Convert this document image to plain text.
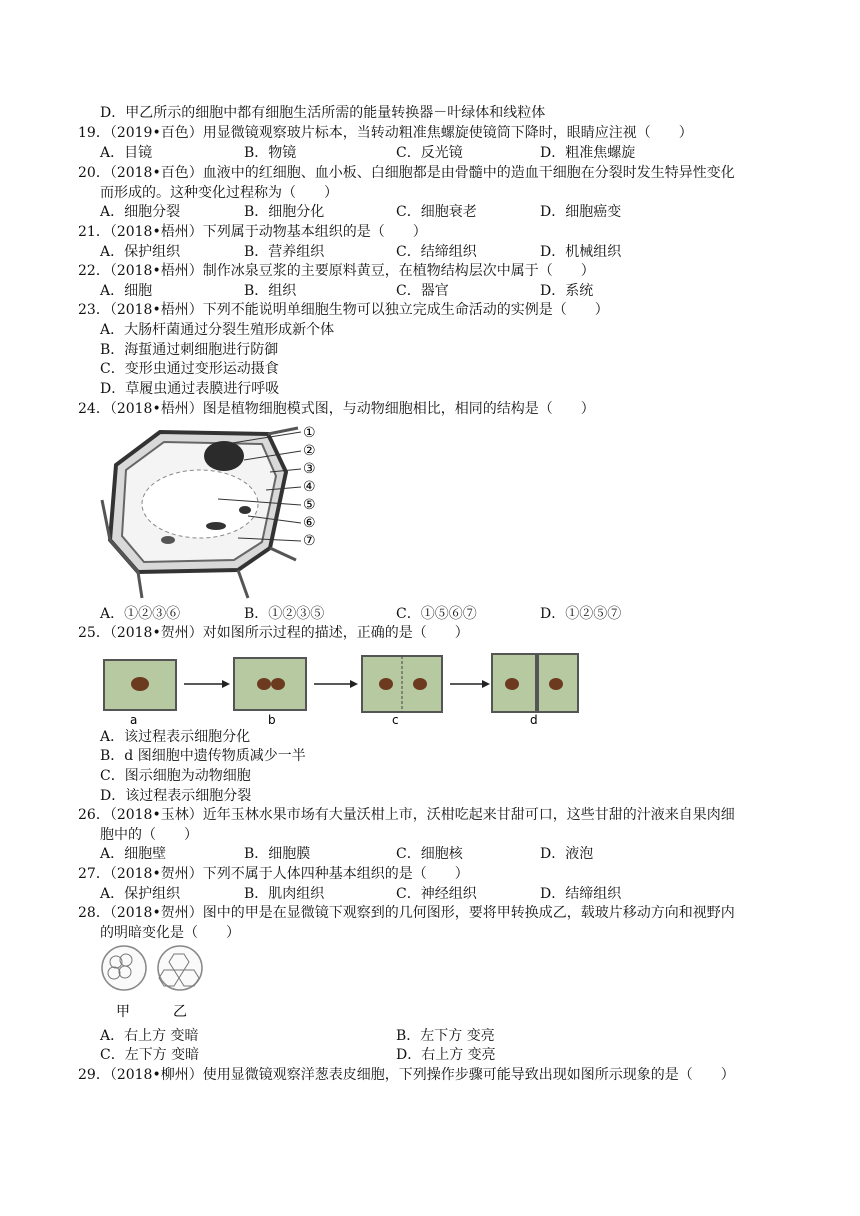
D．甲乙所示的细胞中都有细胞生活所需的能量转换器－叶绿体和线粒体
19．（2019•百色）用显微镜观察玻片标本，当转动粗准焦螺旋使镜筒下降时，眼睛应注视（　　）
A．目镜	B．物镜	C．反光镜	D．粗准焦螺旋
20．（2018•百色）血液中的红细胞、血小板、白细胞都是由骨髓中的造血干细胞在分裂时发生特异性变化
而形成的。这种变化过程称为（　　）
A．细胞分裂	B．细胞分化	C．细胞衰老	D．细胞癌变
21．（2018•梧州）下列属于动物基本组织的是（　　）
A．保护组织	B．营养组织	C．结缔组织	D．机械组织
22．（2018•梧州）制作冰泉豆浆的主要原料黄豆，在植物结构层次中属于（　　）
A．细胞	B．组织	C．器官	D．系统
23．（2018•梧州）下列不能说明单细胞生物可以独立完成生命活动的实例是（　　）
A．大肠杆菌通过分裂生殖形成新个体
B．海蜇通过刺细胞进行防御
C．变形虫通过变形运动摄食
D．草履虫通过表膜进行呼吸
24．（2018•梧州）图是植物细胞模式图，与动物细胞相比，相同的结构是（　　）
①
②
③
④
⑤
⑥
⑦
A．①②③⑥	B．①②③⑤	C．①⑤⑥⑦	D．①②⑤⑦
25．（2018•贺州）对如图所示过程的描述，正确的是（　　）
a	b	c	d
A．该过程表示细胞分化
B．d 图细胞中遗传物质减少一半
C．图示细胞为动物细胞
D．该过程表示细胞分裂
26．（2018•玉林）近年玉林水果市场有大量沃柑上市，沃柑吃起来甘甜可口，这些甘甜的汁液来自果肉细
胞中的（　　）
A．细胞壁	B．细胞膜	C．细胞核	D．液泡
27．（2018•贺州）下列不属于人体四种基本组织的是（　　）
A．保护组织	B．肌肉组织	C．神经组织	D．结缔组织
28．（2018•贺州）图中的甲是在显微镜下观察到的几何图形，要将甲转换成乙，载玻片移动方向和视野内
的明暗变化是（　　）
甲	乙
A．右上方 变暗	B．左下方 变亮
C．左下方 变暗	D．右上方 变亮
29．（2018•柳州）使用显微镜观察洋葱表皮细胞，下列操作步骤可能导致出现如图所示现象的是（　　）
